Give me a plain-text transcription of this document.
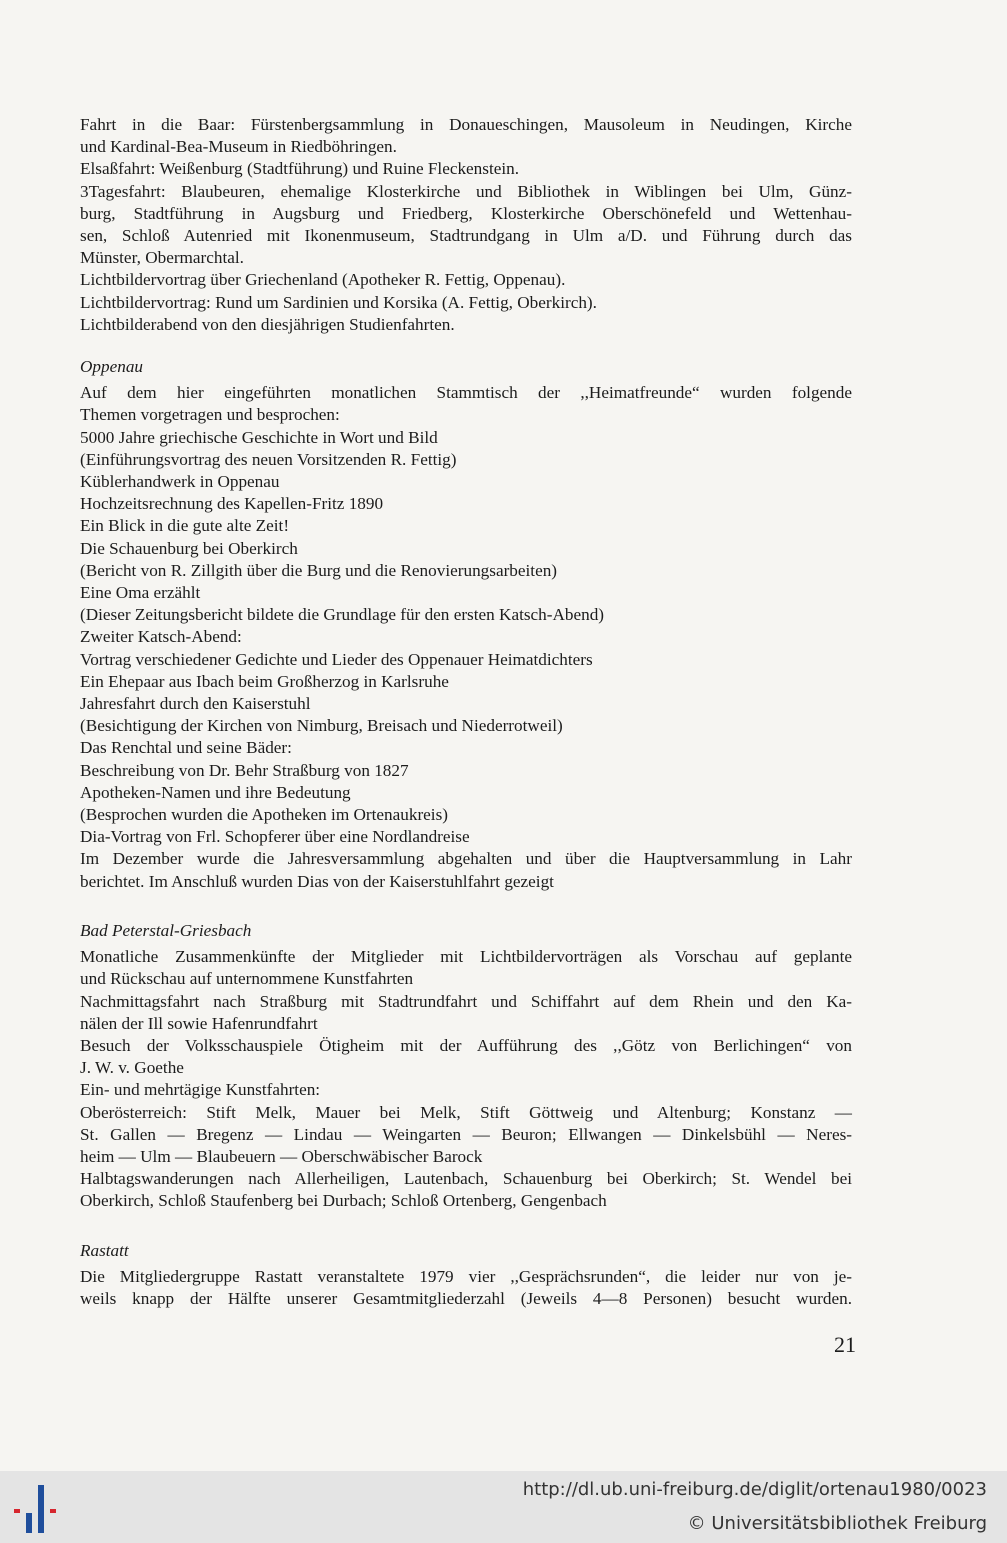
Fahrt in die Baar: Fürstenbergsammlung in Donaueschingen, Mausoleum in Neudingen, Kirche
und Kardinal-Bea-Museum in Riedböhringen.
Elsaßfahrt: Weißenburg (Stadtführung) und Ruine Fleckenstein.
3Tagesfahrt: Blaubeuren, ehemalige Klosterkirche und Bibliothek in Wiblingen bei Ulm, Günz-
burg, Stadtführung in Augsburg und Friedberg, Klosterkirche Oberschönefeld und Wettenhau-
sen, Schloß Autenried mit Ikonenmuseum, Stadtrundgang in Ulm a/D. und Führung durch das
Münster, Obermarchtal.
Lichtbildervortrag über Griechenland (Apotheker R. Fettig, Oppenau).
Lichtbildervortrag: Rund um Sardinien und Korsika (A. Fettig, Oberkirch).
Lichtbilderabend von den diesjährigen Studienfahrten.
Oppenau
Auf dem hier eingeführten monatlichen Stammtisch der ,,Heimatfreunde“ wurden folgende
Themen vorgetragen und besprochen:
5000 Jahre griechische Geschichte in Wort und Bild
(Einführungsvortrag des neuen Vorsitzenden R. Fettig)
Küblerhandwerk in Oppenau
Hochzeitsrechnung des Kapellen-Fritz 1890
Ein Blick in die gute alte Zeit!
Die Schauenburg bei Oberkirch
(Bericht von R. Zillgith über die Burg und die Renovierungsarbeiten)
Eine Oma erzählt
(Dieser Zeitungsbericht bildete die Grundlage für den ersten Katsch-Abend)
Zweiter Katsch-Abend:
Vortrag verschiedener Gedichte und Lieder des Oppenauer Heimatdichters
Ein Ehepaar aus Ibach beim Großherzog in Karlsruhe
Jahresfahrt durch den Kaiserstuhl
(Besichtigung der Kirchen von Nimburg, Breisach und Niederrotweil)
Das Renchtal und seine Bäder:
Beschreibung von Dr. Behr Straßburg von 1827
Apotheken-Namen und ihre Bedeutung
(Besprochen wurden die Apotheken im Ortenaukreis)
Dia-Vortrag von Frl. Schopferer über eine Nordlandreise
Im Dezember wurde die Jahresversammlung abgehalten und über die Hauptversammlung in Lahr
berichtet. Im Anschluß wurden Dias von der Kaiserstuhlfahrt gezeigt
Bad Peterstal-Griesbach
Monatliche Zusammenkünfte der Mitglieder mit Lichtbildervorträgen als Vorschau auf geplante
und Rückschau auf unternommene Kunstfahrten
Nachmittagsfahrt nach Straßburg mit Stadtrundfahrt und Schiffahrt auf dem Rhein und den Ka-
nälen der Ill sowie Hafenrundfahrt
Besuch der Volksschauspiele Ötigheim mit der Aufführung des ,,Götz von Berlichingen“ von
J. W. v. Goethe
Ein- und mehrtägige Kunstfahrten:
Oberösterreich: Stift Melk, Mauer bei Melk, Stift Göttweig und Altenburg; Konstanz —
St. Gallen — Bregenz — Lindau — Weingarten — Beuron; Ellwangen — Dinkelsbühl — Neres-
heim — Ulm — Blaubeuern — Oberschwäbischer Barock
Halbtagswanderungen nach Allerheiligen, Lautenbach, Schauenburg bei Oberkirch; St. Wendel bei
Oberkirch, Schloß Staufenberg bei Durbach; Schloß Ortenberg, Gengenbach
Rastatt
Die Mitgliedergruppe Rastatt veranstaltete 1979 vier ,,Gesprächsrunden“, die leider nur von je-
weils knapp der Hälfte unserer Gesamtmitgliederzahl (Jeweils 4—8 Personen) besucht wurden.
21
http://dl.ub.uni-freiburg.de/diglit/ortenau1980/0023
© Universitätsbibliothek Freiburg
